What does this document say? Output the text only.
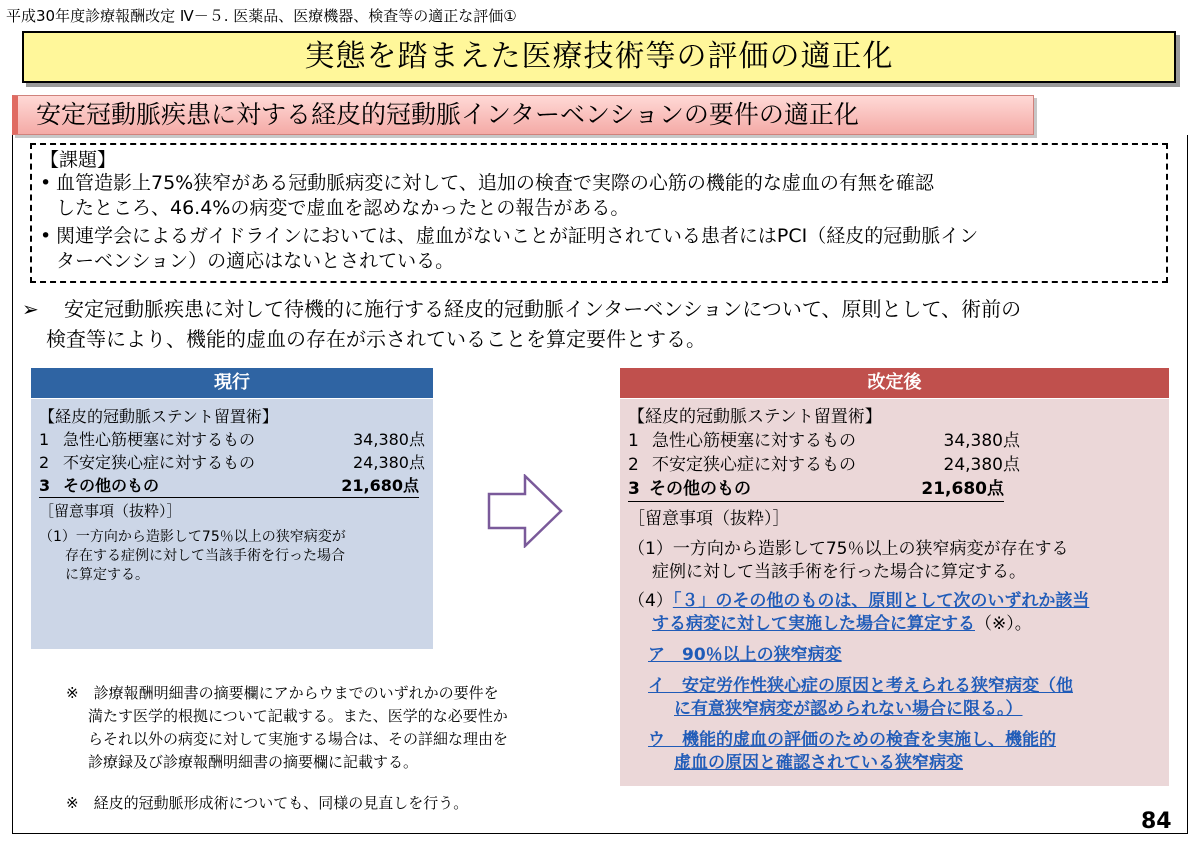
平成30年度診療報酬改定 Ⅳ－５. 医薬品、医療機器、検査等の適正な評価①
実態を踏まえた医療技術等の評価の適正化
安定冠動脈疾患に対する経皮的冠動脈インターベンションの要件の適正化
【課題】
• 血管造影上75%狭窄がある冠動脈病変に対して、追加の検査で実際の心筋の機能的な虚血の有無を確認
したところ、46.4%の病変で虚血を認めなかったとの報告がある。
• 関連学会によるガイドラインにおいては、虚血がないことが証明されている患者にはPCI（経皮的冠動脈イン
ターベンション）の適応はないとされている。
➢ 安定冠動脈疾患に対して待機的に施行する経皮的冠動脈インターベンションについて、原則として、術前の
検査等により、機能的虚血の存在が示されていることを算定要件とする。
現行
【経皮的冠動脈ステント留置術】
1 急性心筋梗塞に対するもの	34,380点
2 不安定狭心症に対するもの	24,380点
3 その他のもの	21,680点
［留意事項（抜粋）］
（1）一方向から造影して75％以上の狭窄病変が
存在する症例に対して当該手術を行った場合
に算定する。
改定後
【経皮的冠動脈ステント留置術】
1 急性心筋梗塞に対するもの	34,380点
2 不安定狭心症に対するもの	24,380点
3 その他のもの	21,680点
［留意事項（抜粋）］
（1）一方向から造影して75％以上の狭窄病変が存在する
症例に対して当該手術を行った場合に算定する。
（4）「３」のその他のものは、原則として次のいずれか該当
する病変に対して実施した場合に算定する（※）。
ア　90％以上の狭窄病変
イ　安定労作性狭心症の原因と考えられる狭窄病変（他
に有意狭窄病変が認められない場合に限る。）
ウ　機能的虚血の評価のための検査を実施し、機能的
虚血の原因と確認されている狭窄病変
※　診療報酬明細書の摘要欄にアからウまでのいずれかの要件を
満たす医学的根拠について記載する。また、医学的な必要性か
らそれ以外の病変に対して実施する場合は、その詳細な理由を
診療録及び診療報酬明細書の摘要欄に記載する。
※　経皮的冠動脈形成術についても、同様の見直しを行う。
84
